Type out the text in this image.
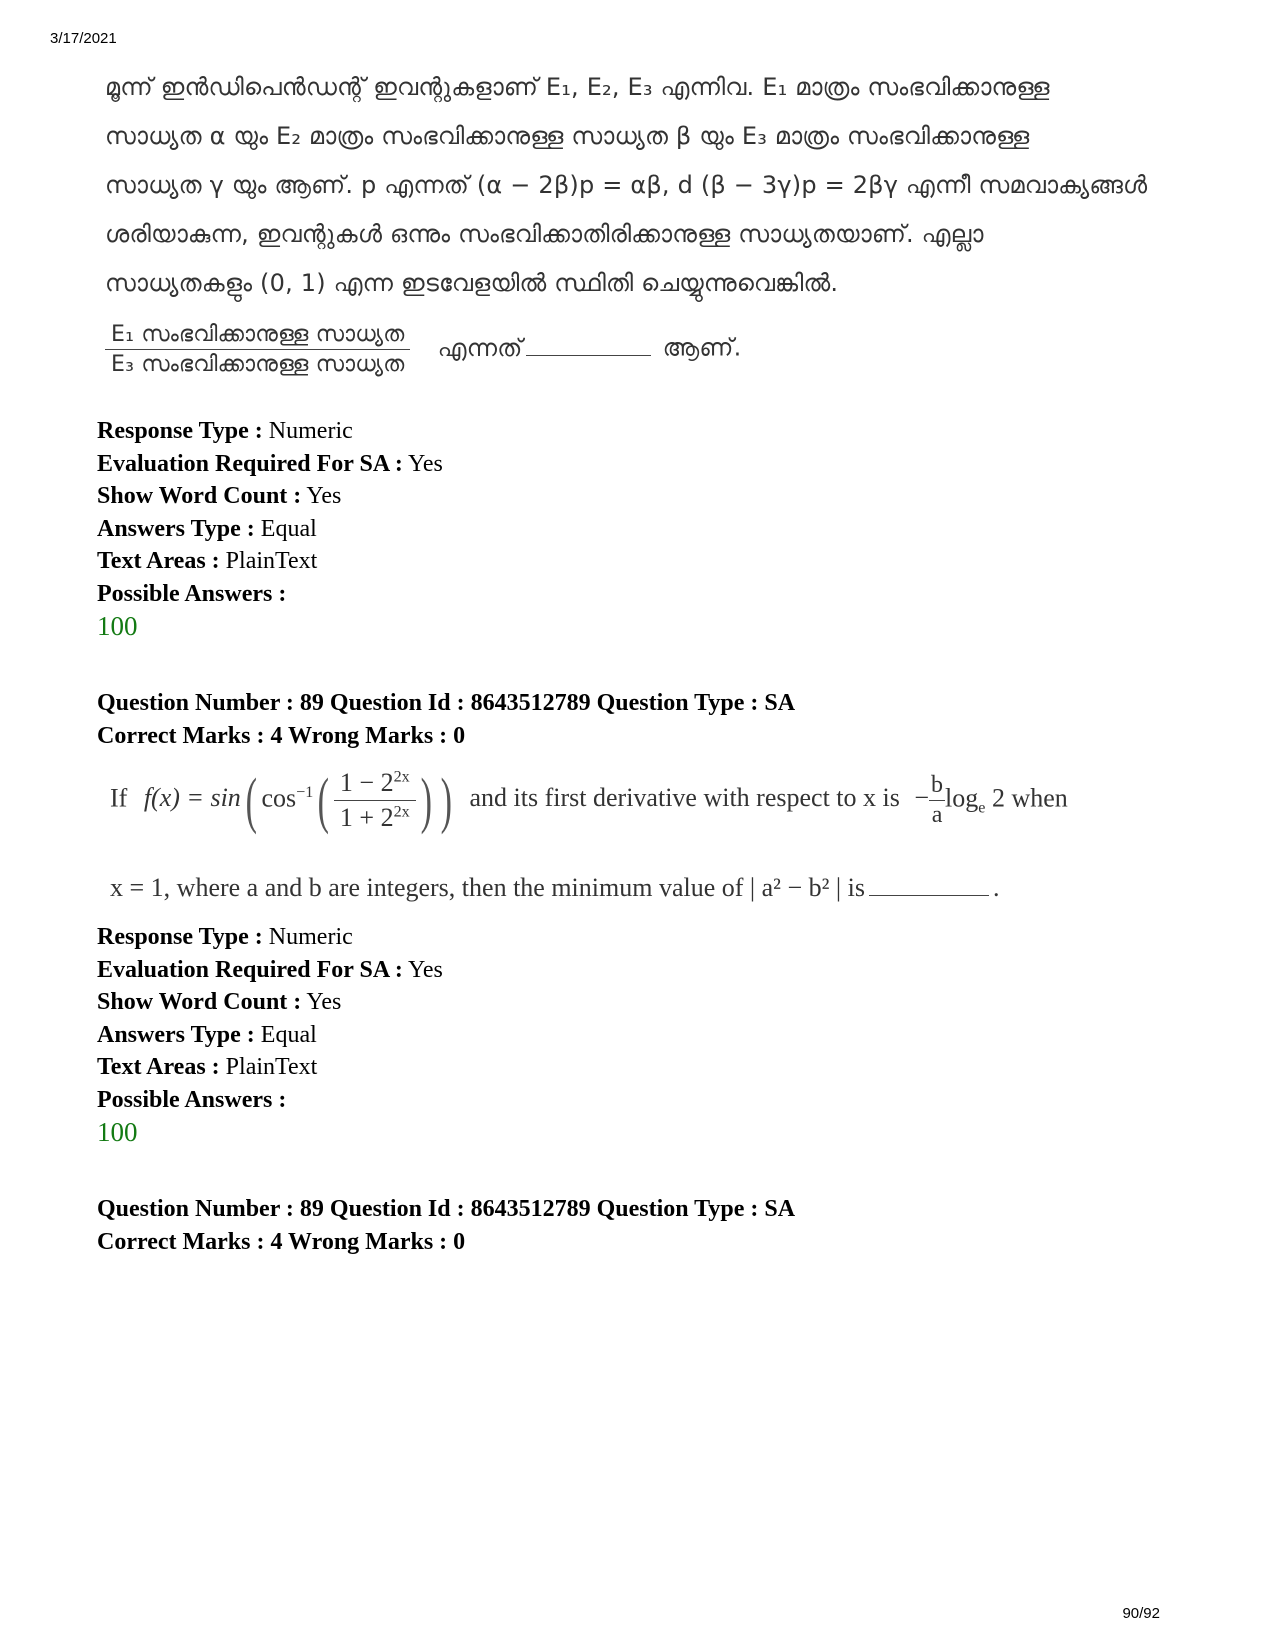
3/17/2021
മൂന്ന് ഇൻഡിപെൻഡന്റ് ഇവന്റുകളാണ് E₁, E₂, E₃ എന്നിവ. E₁ മാത്രം സംഭവിക്കാനുള്ള
സാധ്യത α യും E₂ മാത്രം സംഭവിക്കാനുള്ള സാധ്യത β യും E₃ മാത്രം സംഭവിക്കാനുള്ള
സാധ്യത γ യും ആണ്. p എന്നത് (α − 2β)p = αβ, d (β − 3γ)p = 2βγ എന്നീ സമവാക്യങ്ങൾ
ശരിയാകുന്ന, ഇവന്റുകൾ ഒന്നും സംഭവിക്കാതിരിക്കാനുള്ള സാധ്യതയാണ്. എല്ലാ
സാധ്യതകളും (0, 1) എന്ന ഇടവേളയിൽ സ്ഥിതി ചെയ്യുന്നുവെങ്കിൽ.
$\frac{\text{E₁ സംഭവിക്കാനുള്ള സാധ്യത}}{\text{E₃ സംഭവിക്കാനുള്ള സാധ്യത}}$ എന്നത്	ആണ്.
Response Type : Numeric
Evaluation Required For SA : Yes
Show Word Count : Yes
Answers Type : Equal
Text Areas : PlainText
Possible Answers :
100
Question Number : 89 Question Id : 8643512789 Question Type : SA
Correct Marks : 4 Wrong Marks : 0
If f(x) = sin( $\cos^{-1}( \frac{1 - 2^{2x}}{1 + 2^{2x}}$ ) ) and its first derivative with respect to x is − $\frac{b}{a} \log_e 2$ when
x = 1, where a and b are integers, then the minimum value of | a² − b² | is	.
Response Type : Numeric
Evaluation Required For SA : Yes
Show Word Count : Yes
Answers Type : Equal
Text Areas : PlainText
Possible Answers :
100
Question Number : 89 Question Id : 8643512789 Question Type : SA
Correct Marks : 4 Wrong Marks : 0
90/92
